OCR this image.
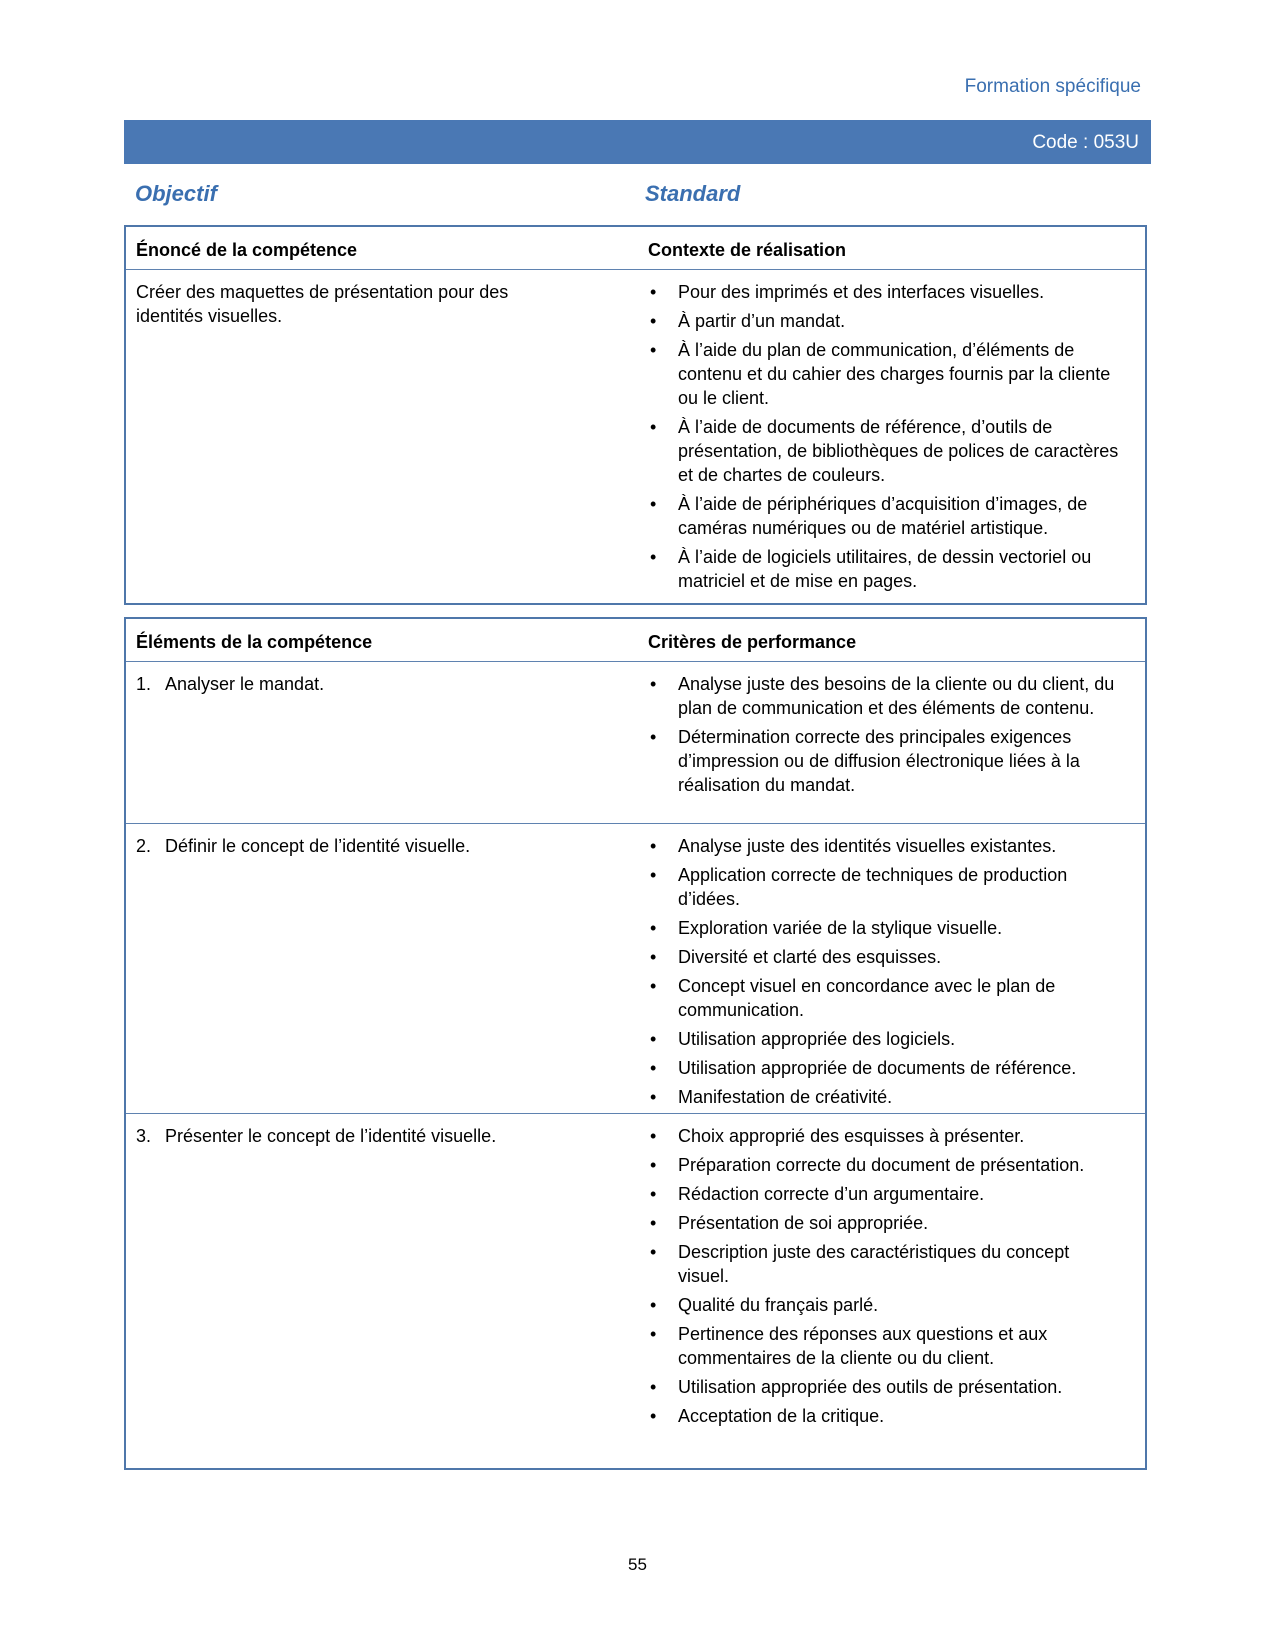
Formation spécifique
Code : 053U
Objectif	Standard
Énoncé de la compétence	Contexte de réalisation
Créer des maquettes de présentation pour des identités visuelles.
• Pour des imprimés et des interfaces visuelles.
• À partir d’un mandat.
• À l’aide du plan de communication, d’éléments de contenu et du cahier des charges fournis par la cliente ou le client.
• À l’aide de documents de référence, d’outils de présentation, de bibliothèques de polices de caractères et de chartes de couleurs.
• À l’aide de périphériques d’acquisition d’images, de caméras numériques ou de matériel artistique.
• À l’aide de logiciels utilitaires, de dessin vectoriel ou matriciel et de mise en pages.
Éléments de la compétence	Critères de performance
1. Analyser le mandat.	• Analyse juste des besoins de la cliente ou du client, du plan de communication et des éléments de contenu.
• Détermination correcte des principales exigences d’impression ou de diffusion électronique liées à la réalisation du mandat.
2. Définir le concept de l’identité visuelle.	• Analyse juste des identités visuelles existantes.
• Application correcte de techniques de production d’idées.
• Exploration variée de la stylique visuelle.
• Diversité et clarté des esquisses.
• Concept visuel en concordance avec le plan de communication.
• Utilisation appropriée des logiciels.
• Utilisation appropriée de documents de référence.
• Manifestation de créativité.
3. Présenter le concept de l’identité visuelle.	• Choix approprié des esquisses à présenter.
• Préparation correcte du document de présentation.
• Rédaction correcte d’un argumentaire.
• Présentation de soi appropriée.
• Description juste des caractéristiques du concept visuel.
• Qualité du français parlé.
• Pertinence des réponses aux questions et aux commentaires de la cliente ou du client.
• Utilisation appropriée des outils de présentation.
• Acceptation de la critique.
55
